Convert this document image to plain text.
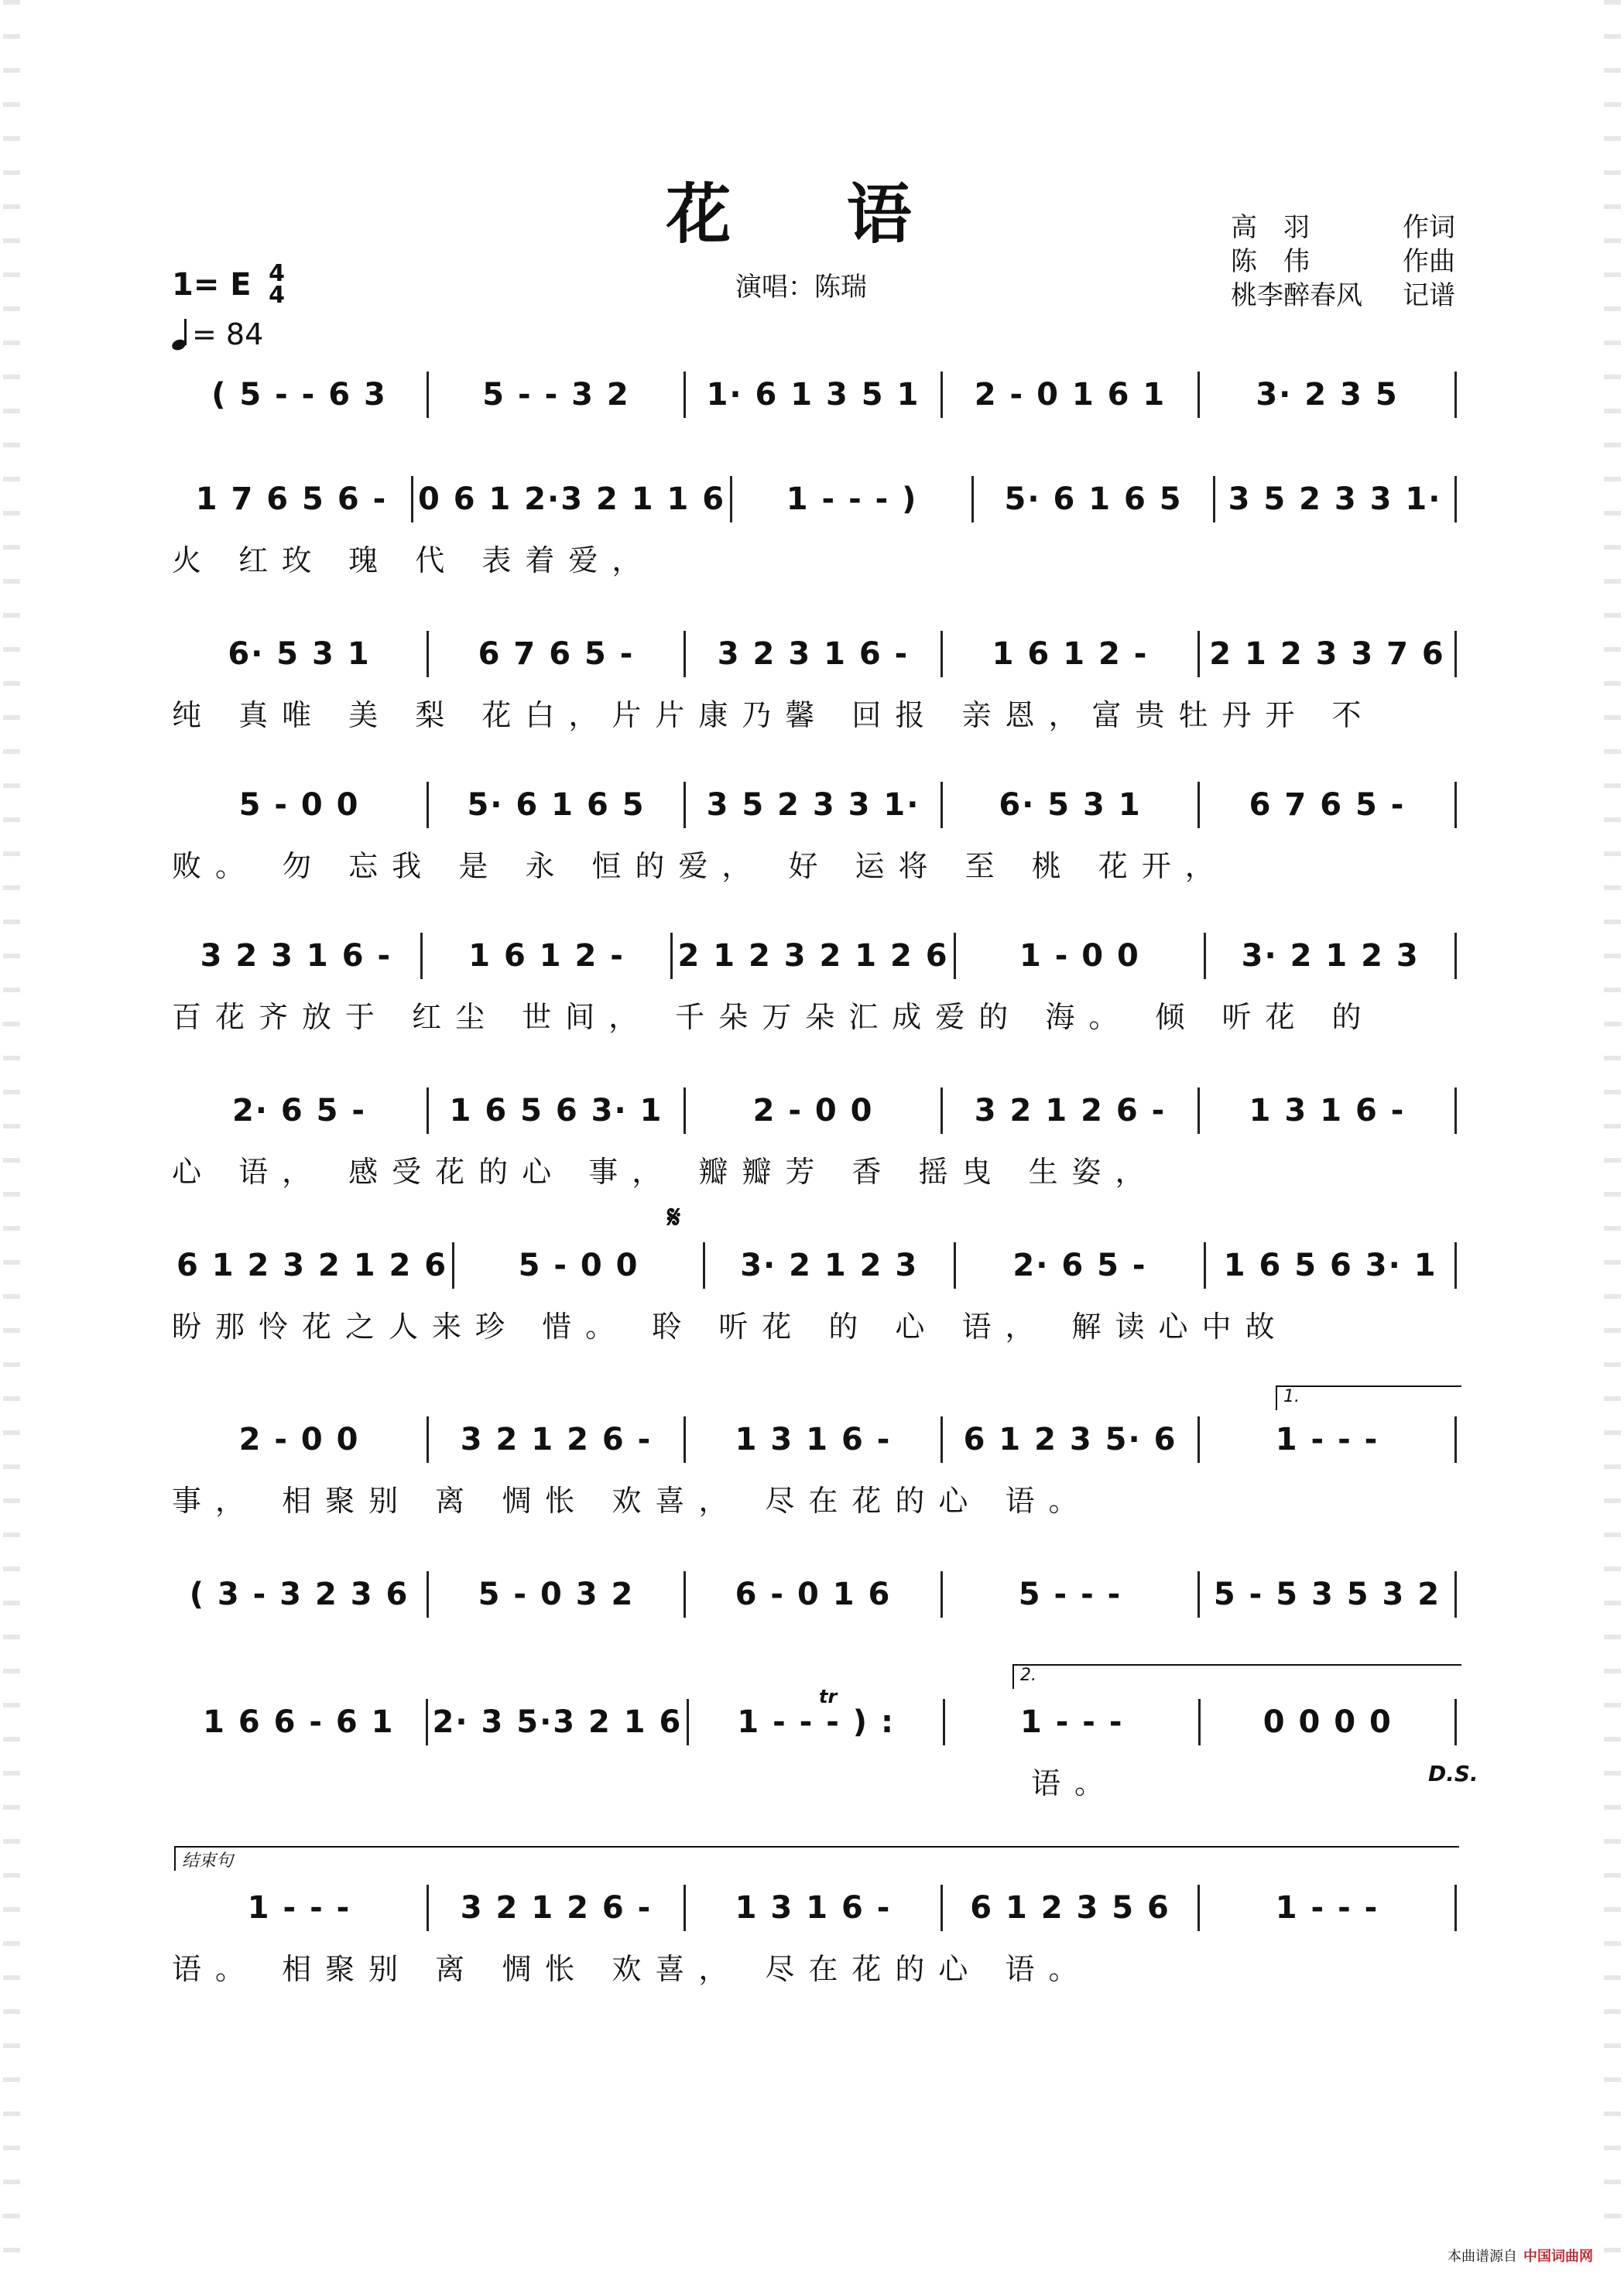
花 语
演唱：陈瑞
高　羽	作词
陈　伟	作曲
桃李醉春风 记谱
1= E $\frac{4}{4}$
= 84
( 5 - - 6 3	5 - - 3 2	1· 6 1 3 5 1	2 - 0 1 6 1	3· 2 3 5
1 7 6 5 6 - 0 6 1 2·3 2 1 1 6	1 - - - )	5· 6 1 6 5	3 5 2 3 3 1·
火 红玫 瑰 代 表着爱，
6· 5 3 1	6 7 6 5 -	3 2 3 1 6 -	1 6 1 2 -	2 1 2 3 3 7 6
纯 真唯 美 梨 花白，片片康乃馨 回报 亲恩，富贵牡丹开 不
5 - 0 0	5· 6 1 6 5	3 5 2 3 3 1·	6· 5 3 1	6 7 6 5 -
败。 勿 忘我 是 永 恒的爱， 好 运将 至 桃 花开，
3 2 3 1 6 -	1 6 1 2 -	2 1 2 3 2 1 2 6	1 - 0 0	3· 2 1 2 3
百花齐放于 红尘 世间， 千朵万朵汇成爱的 海。 倾 听花 的
2· 6 5 -	1 6 5 6 3· 1	2 - 0 0	3 2 1 2 6 -	1 3 1 6 -
心 语， 感受花的心 事， 瓣瓣芳 香 摇曳 生姿，
6 1 2 3 2 1 2 6	5 - 0 0	3· 2 1 2 3	2· 6 5 -	1 6 5 6 3· 1
盼那怜花之人来珍 惜。 聆 听花 的 心 语， 解读心中故
2 - 0 0	3 2 1 2 6 -	1 3 1 6 -	6 1 2 3 5· 6	1 - - -
事， 相聚别 离 惆怅 欢喜， 尽在花的心 语。
( 3 - 3 2 3 6	5 - 0 3 2	6 - 0 1 6	5 - - -	5 - 5 3 5 3 2
1 6 6 - 6 1	2· 3 5·3 2 1 6	1 - - - ) :	1 - - -	0 0 0 0
语。
1 - - -	3 2 1 2 6 -	1 3 1 6 -	6 1 2 3 5 6	1 - - -
语。 相聚别 离 惆怅 欢喜， 尽在花的心 语。
𝄋
1.
2.
结束句
D.S.
tr
本曲谱源自 中国词曲网
